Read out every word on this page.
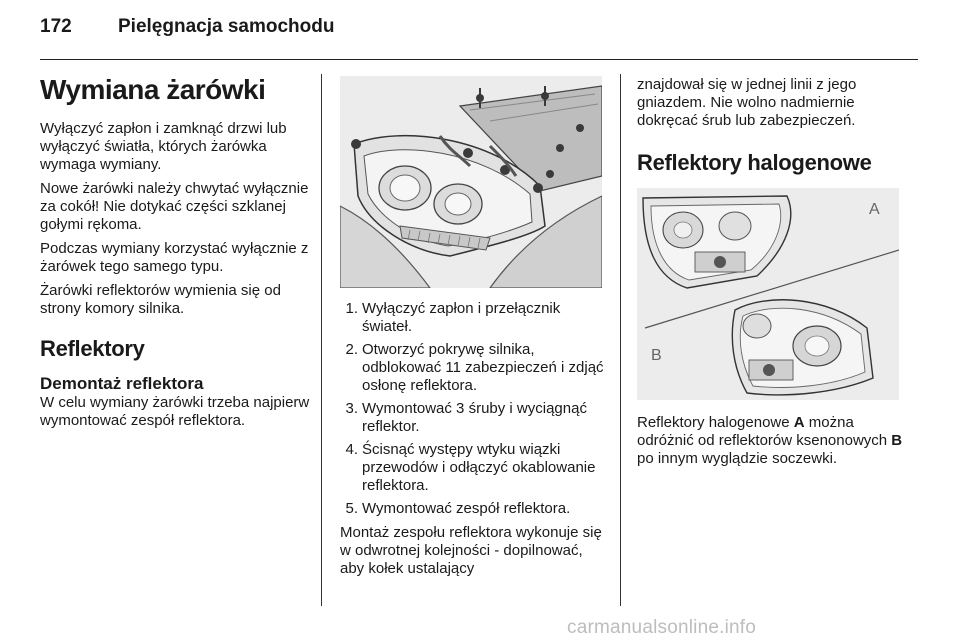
172 Pielęgnacja samochodu
Wymiana żarówki

Wyłączyć zapłon i zamknąć drzwi lub wyłączyć światła, których żarówka wymaga wymiany.

Nowe żarówki należy chwytać wyłącznie za cokół! Nie dotykać części szklanej gołymi rękoma.

Podczas wymiany korzystać wyłącznie z żarówek tego samego typu.

Żarówki reflektorów wymienia się od strony komory silnika.

Reflektory
Demontaż reflektora

W celu wymiany żarówki trzeba najpierw wymontować zespół reflektora.

1. Wyłączyć zapłon i przełącznik świateł.
2. Otworzyć pokrywę silnika, odblokować 11 zabezpieczeń i zdjąć osłonę reflektora.
3. Wymontować 3 śruby i wyciągnąć reflektor.
4. Ścisnąć występy wtyku wiązki przewodów i odłączyć okablowanie reflektora.
5. Wymontować zespół reflektora.

Montaż zespołu reflektora wykonuje się w odwrotnej kolejności - dopilnować, aby kołek ustalający

znajdował się w jednej linii z jego gniazdem. Nie wolno nadmiernie dokręcać śrub lub zabezpieczeń.

Reflektory halogenowe
A
B

Reflektory halogenowe A można odróżnić od reflektorów ksenonowych B po innym wyglądzie soczewki.

carmanualsonline.info
